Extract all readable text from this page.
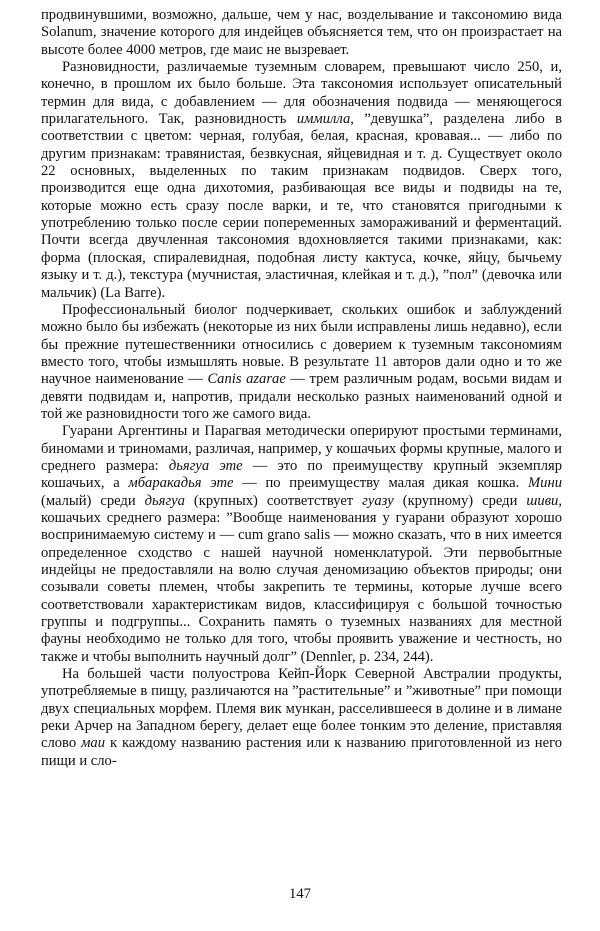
продвинувшими, возможно, дальше, чем у нас, возделывание и таксономию вида Solanum, значение которого для индейцев объясняется тем, что он произрастает на высоте более 4000 метров, где маис не вызревает.

Разновидности, различаемые туземным словарем, превышают число 250, и, конечно, в прошлом их было больше. Эта таксономия использует описательный термин для вида, с добавлением — для обозначения подвида — меняющегося прилагательного. Так, разновидность иммилла, ”девушка”, разделена либо в соответствии с цветом: черная, голубая, белая, красная, кровавая... — либо по другим признакам: травянистая, безвкусная, яйцевидная и т. д. Существует около 22 основных, выделенных по таким признакам подвидов. Сверх того, производится еще одна дихотомия, разбивающая все виды и подвиды на те, которые можно есть сразу после варки, и те, что становятся пригодными к употреблению только после серии попеременных замораживаний и ферментаций. Почти всегда двучленная таксономия вдохновляется такими признаками, как: форма (плоская, спиралевидная, подобная листу кактуса, кочке, яйцу, бычьему языку и т. д.), текстура (мучнистая, эластичная, клейкая и т. д.), ”пол” (девочка или мальчик) (La Barre).

Профессиональный биолог подчеркивает, скольких ошибок и заблуждений можно было бы избежать (некоторые из них были исправлены лишь недавно), если бы прежние путешественники относились с доверием к туземным таксономиям вместо того, чтобы измышлять новые. В результате 11 авторов дали одно и то же научное наименование — Canis azarae — трем различным родам, восьми видам и девяти подвидам и, напротив, придали несколько разных наименований одной и той же разновидности того же самого вида.

Гуарани Аргентины и Парагвая методически оперируют простыми терминами, биномами и триномами, различая, например, у кошачьих формы крупные, малого и среднего размера: дьягуа эте — это по преимуществу крупный экземпляр кошачьих, а мбаракадья эте — по преимуществу малая дикая кошка. Мини (малый) среди дьягуа (крупных) соответствует гуазу (крупному) среди шиви, кошачьих среднего размера: ”Вообще наименования у гуарани образуют хорошо воспринимаемую систему и — cum grano salis — можно сказать, что в них имеется определенное сходство с нашей научной номенклатурой. Эти первобытные индейцы не предоставляли на волю случая деномизацию объектов природы; они созывали советы племен, чтобы закрепить те термины, которые лучше всего соответствовали характеристикам видов, классифицируя с большой точностью группы и подгруппы... Сохранить память о туземных названиях для местной фауны необходимо не только для того, чтобы проявить уважение и честность, но также и чтобы выполнить научный долг” (Dennler, p. 234, 244).

На большей части полуострова Кейп-Йорк Северной Австралии продукты, употребляемые в пищу, различаются на ”растительные” и ”животные” при помощи двух специальных морфем. Племя вик мункан, расселившееся в долине и в лимане реки Арчер на Западном берегу, делает еще более тонким это деление, приставляя слово маи к каждому названию растения или к названию приготовленной из него пищи и сло-

147
